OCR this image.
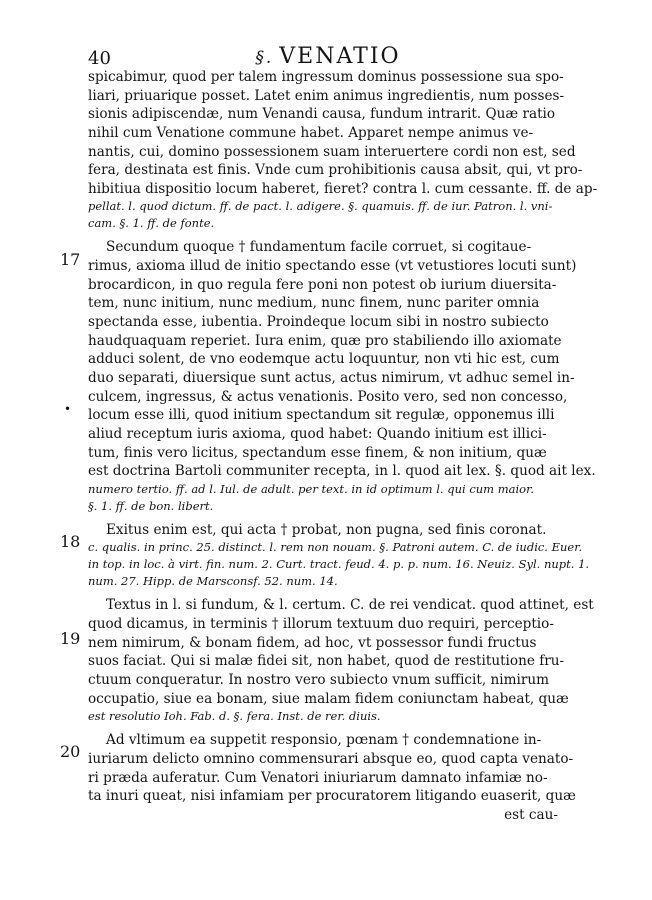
40	§. VENATIO
17
18
19
20
•
spicabimur, quod per talem ingressum dominus possessione sua spo-
liari, priuarique posset. Latet enim animus ingredientis, num posses-
sionis adipiscendæ, num Venandi causa, fundum intrarit. Quæ ratio
nihil cum Venatione commune habet. Apparet nempe animus ve-
nantis, cui, domino possessionem suam interuertere cordi non est, sed
fera, destinata est finis. Vnde cum prohibitionis causa absit, qui, vt pro-
hibitiua dispositio locum haberet, fieret? contra l. cum cessante. ff. de ap-
pellat. l. quod dictum. ff. de pact. l. adigere. §. quamuis. ff. de iur. Patron. l. vni-
cam. §. 1. ff. de fonte.
Secundum quoque † fundamentum facile corruet, si cogitaue-
rimus, axioma illud de initio spectando esse (vt vetustiores locuti sunt)
brocardicon, in quo regula fere poni non potest ob iurium diuersita-
tem, nunc initium, nunc medium, nunc finem, nunc pariter omnia
spectanda esse, iubentia. Proindeque locum sibi in nostro subiecto
haudquaquam reperiet. Iura enim, quæ pro stabiliendo illo axiomate
adduci solent, de vno eodemque actu loquuntur, non vti hic est, cum
duo separati, diuersique sunt actus, actus nimirum, vt adhuc semel in-
culcem, ingressus, & actus venationis. Posito vero, sed non concesso,
locum esse illi, quod initium spectandum sit regulæ, opponemus illi
aliud receptum iuris axioma, quod habet: Quando initium est illici-
tum, finis vero licitus, spectandum esse finem, & non initium, quæ
est doctrina Bartoli communiter recepta, in l. quod ait lex. §. quod ait lex.
numero tertio. ff. ad l. Iul. de adult. per text. in id optimum l. qui cum maior.
§. 1. ff. de bon. libert.
Exitus enim est, qui acta † probat, non pugna, sed finis coronat.
c. qualis. in princ. 25. distinct. l. rem non nouam. §. Patroni autem. C. de iudic. Euer.
in top. in loc. à virt. fin. num. 2. Curt. tract. feud. 4. p. p. num. 16. Neuiz. Syl. nupt. 1.
num. 27. Hipp. de Marsconsf. 52. num. 14.
Textus in l. si fundum, & l. certum. C. de rei vendicat. quod attinet, est
quod dicamus, in terminis † illorum textuum duo requiri, perceptio-
nem nimirum, & bonam fidem, ad hoc, vt possessor fundi fructus
suos faciat. Qui si malæ fidei sit, non habet, quod de restitutione fru-
ctuum conqueratur. In nostro vero subiecto vnum sufficit, nimirum
occupatio, siue ea bonam, siue malam fidem coniunctam habeat, quæ
est resolutio Ioh. Fab. d. §. fera. Inst. de rer. diuis.
Ad vltimum ea suppetit responsio, pœnam † condemnatione in-
iuriarum delicto omnino commensurari absque eo, quod capta venato-
ri præda auferatur. Cum Venatori iniuriarum damnato infamiæ no-
ta inuri queat, nisi infamiam per procuratorem litigando euaserit, quæ
est cau-
